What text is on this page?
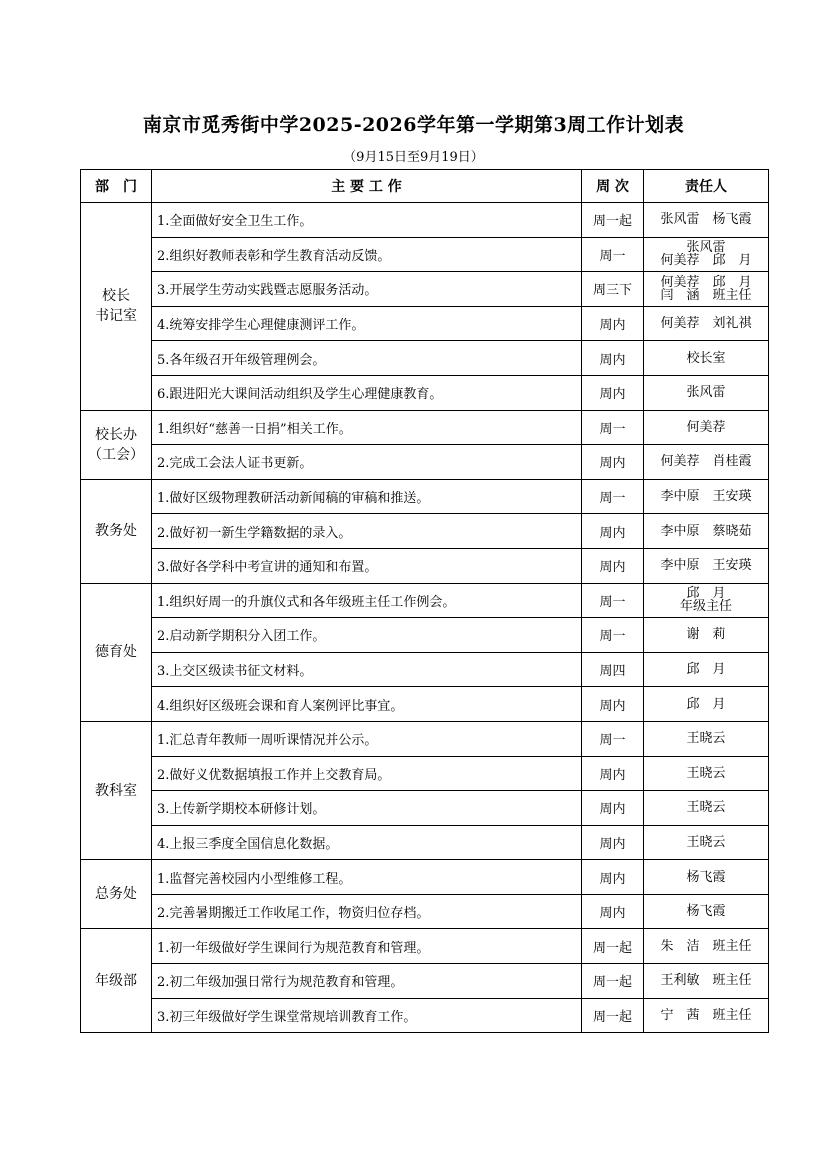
南京市觅秀街中学2025-2026学年第一学期第3周工作计划表
（9月15日至9月19日）
部　门	主 要 工 作	周 次	责任人

校长
书记室	1.全面做好安全卫生工作。	周一起	张风雷　杨飞霞

	2.组织好教师表彰和学生教育活动反馈。	周一	张风雷
何美荐　邱　月

	3.开展学生劳动实践暨志愿服务活动。	周三下	何美荐　邱　月
闫　涵　班主任

	4.统筹安排学生心理健康测评工作。	周内	何美荐　刘礼祺

	5.各年级召开年级管理例会。	周内	校长室

	6.跟进阳光大课间活动组织及学生心理健康教育。	周内	张风雷

校长办
（工会）	1.组织好“慈善一日捐”相关工作。	周一	何美荐

	2.完成工会法人证书更新。	周内	何美荐　肖桂霞

教务处	1.做好区级物理教研活动新闻稿的审稿和推送。	周一	李中原　王安瑛

	2.做好初一新生学籍数据的录入。	周内	李中原　蔡晓茹

	3.做好各学科中考宣讲的通知和布置。	周内	李中原　王安瑛

德育处	1.组织好周一的升旗仪式和各年级班主任工作例会。	周一	邱　月
年级主任

	2.启动新学期积分入团工作。	周一	谢　莉

	3.上交区级读书征文材料。	周四	邱　月

	4.组织好区级班会课和育人案例评比事宜。	周内	邱　月

教科室	1.汇总青年教师一周听课情况并公示。	周一	王晓云

	2.做好义优数据填报工作并上交教育局。	周内	王晓云

	3.上传新学期校本研修计划。	周内	王晓云

	4.上报三季度全国信息化数据。	周内	王晓云

总务处	1.监督完善校园内小型维修工程。	周内	杨飞霞

	2.完善暑期搬迁工作收尾工作，物资归位存档。	周内	杨飞霞

年级部	1.初一年级做好学生课间行为规范教育和管理。	周一起	朱　洁　班主任

	2.初二年级加强日常行为规范教育和管理。	周一起	王利敏　班主任

	3.初三年级做好学生课堂常规培训教育工作。	周一起	宁　茜　班主任
